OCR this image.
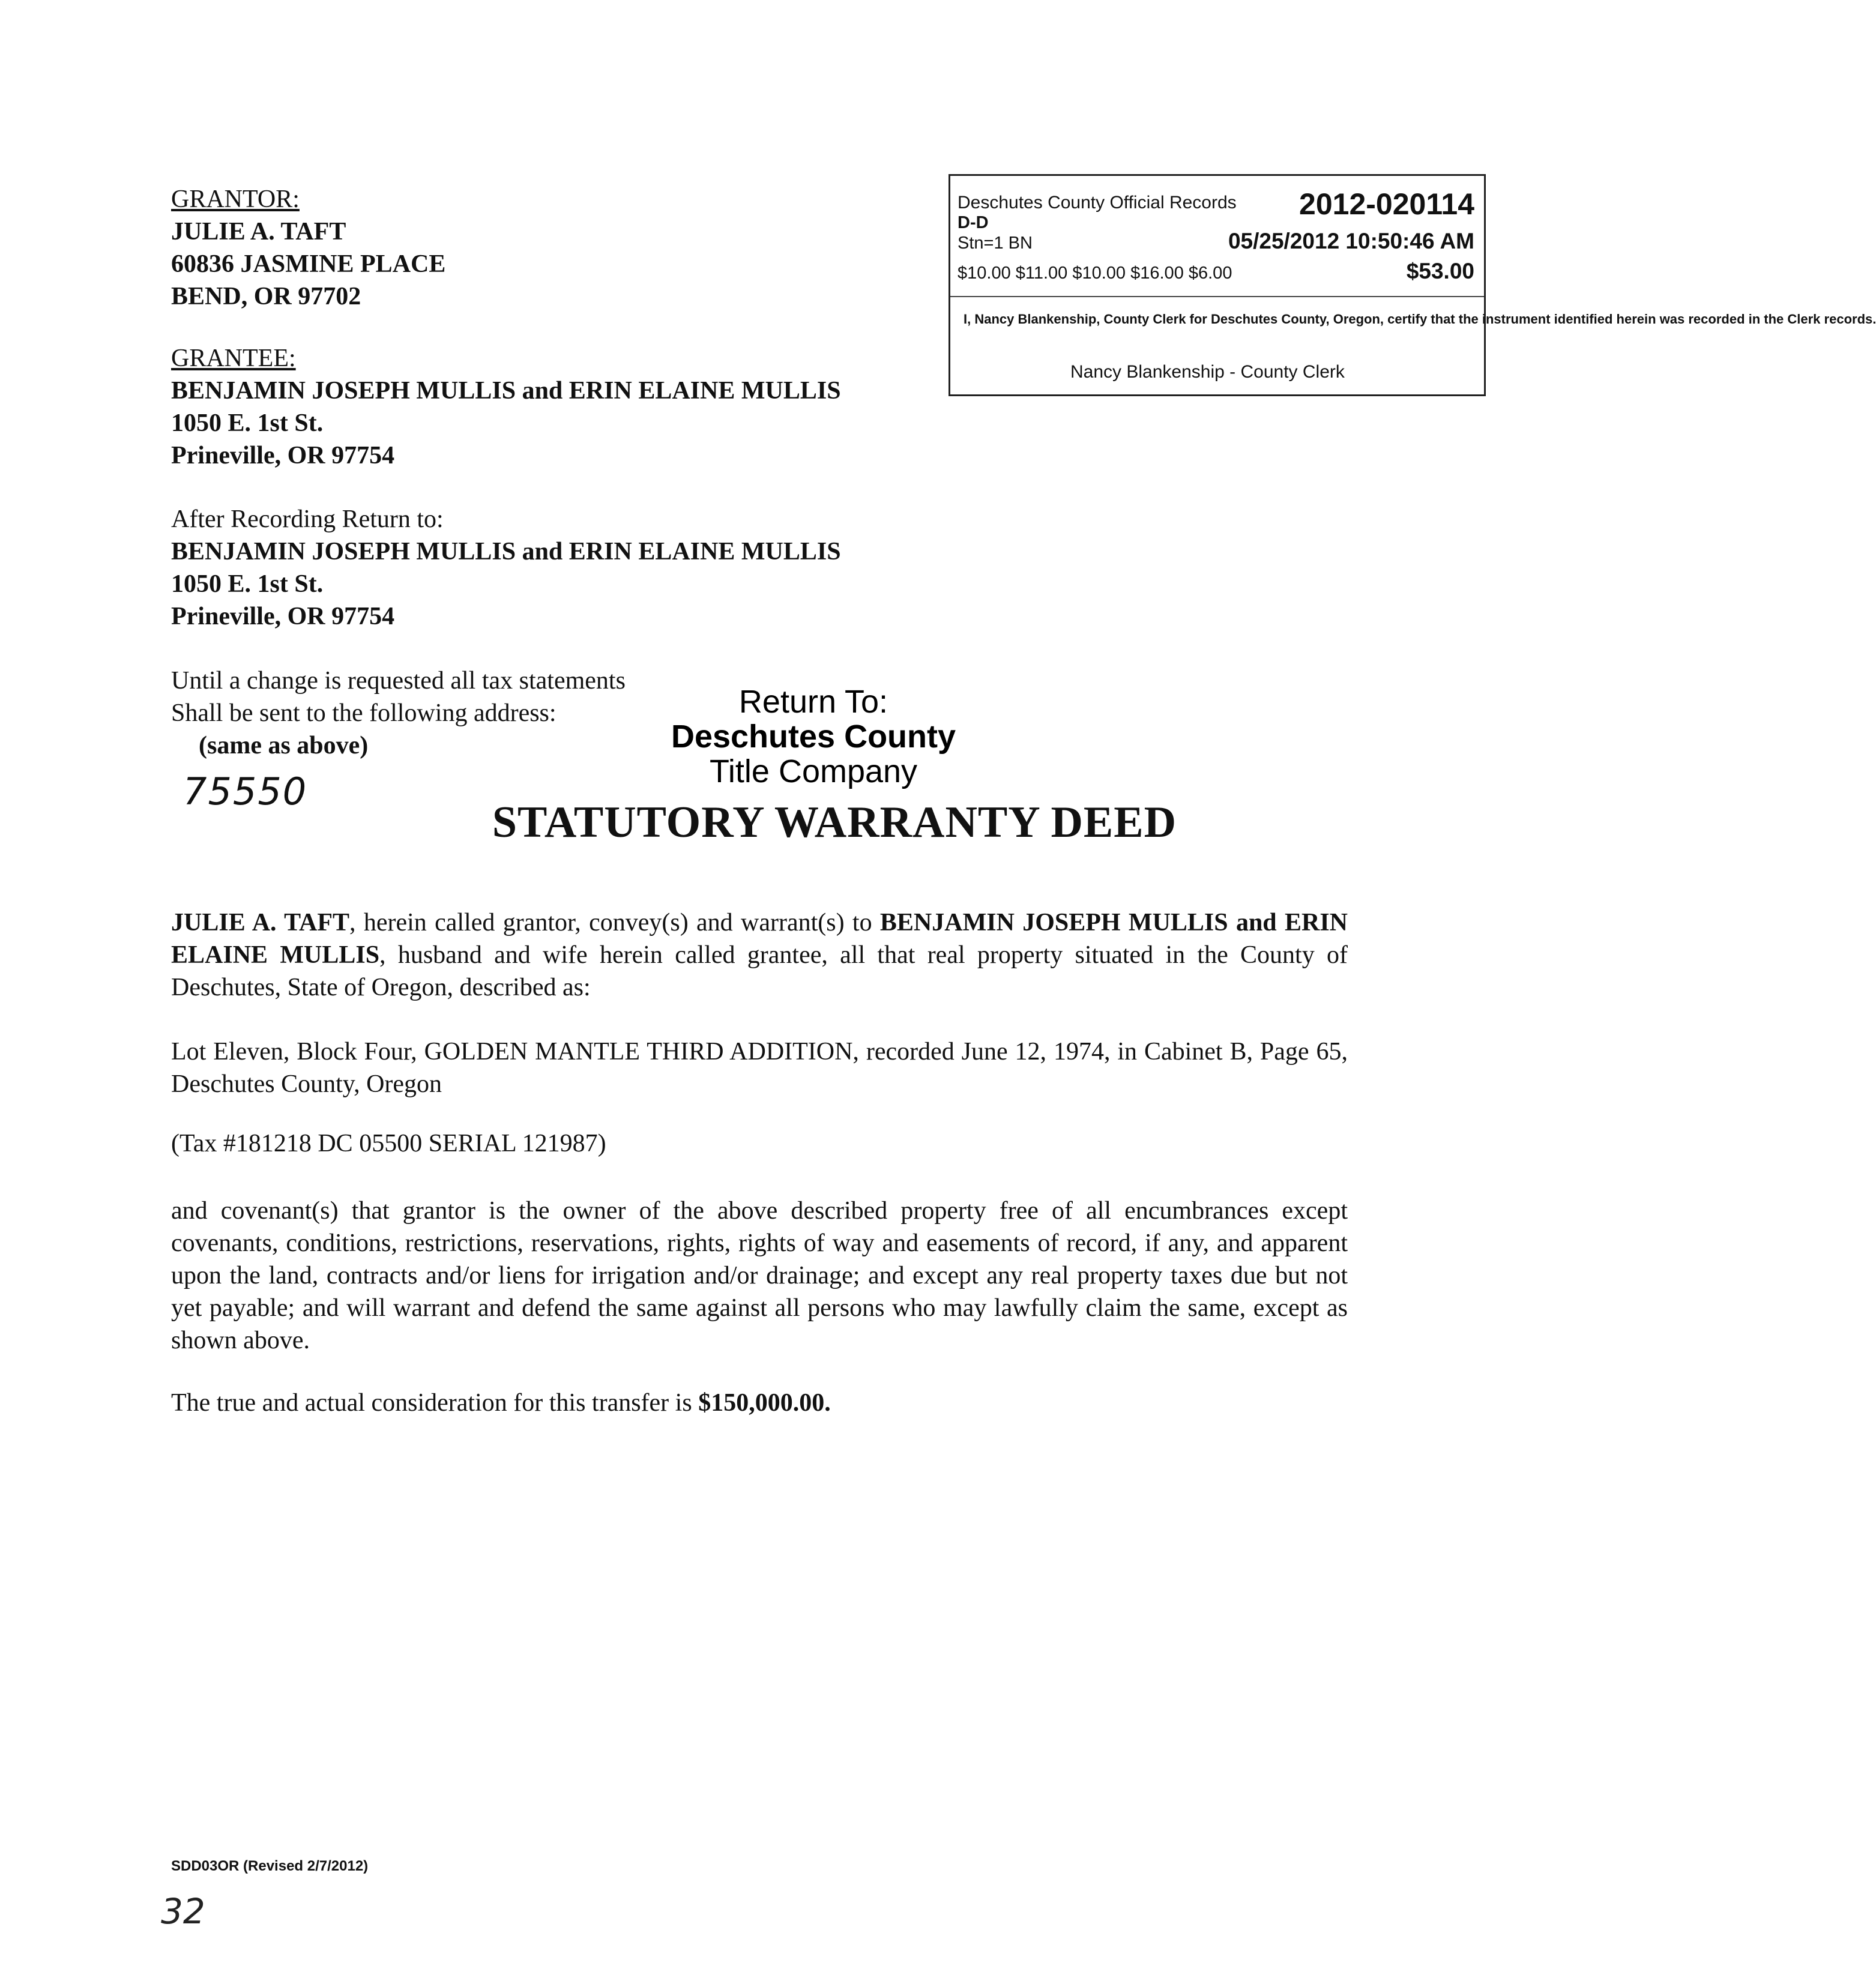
GRANTOR:
JULIE A. TAFT
60836 JASMINE PLACE
BEND, OR 97702
GRANTEE:
BENJAMIN JOSEPH MULLIS and ERIN ELAINE MULLIS
1050 E. 1st St.
Prineville, OR 97754
After Recording Return to:
BENJAMIN JOSEPH MULLIS and ERIN ELAINE MULLIS
1050 E. 1st St.
Prineville, OR 97754
Until a change is requested all tax statements
Shall be sent to the following address:
(same as above)
Deschutes County Official Records 2012-020114
D-D
Stn=1 BN	05/25/2012 10:50:46 AM
$10.00 $11.00 $10.00 $16.00 $6.00	$53.00
I, Nancy Blankenship, County Clerk for Deschutes County, Oregon, certify that the instrument identified herein was recorded in the Clerk records.
Nancy Blankenship - County Clerk
Return To:
Deschutes County
Title Company
75550
STATUTORY WARRANTY DEED
JULIE A. TAFT, herein called grantor, convey(s) and warrant(s) to BENJAMIN JOSEPH MULLIS and ERIN ELAINE MULLIS, husband and wife herein called grantee, all that real property situated in the County of Deschutes, State of Oregon, described as:
Lot Eleven, Block Four, GOLDEN MANTLE THIRD ADDITION, recorded June 12, 1974, in Cabinet B, Page 65, Deschutes County, Oregon
(Tax #181218 DC 05500 SERIAL 121987)
and covenant(s) that grantor is the owner of the above described property free of all encumbrances except covenants, conditions, restrictions, reservations, rights, rights of way and easements of record, if any, and apparent upon the land, contracts and/or liens for irrigation and/or drainage; and except any real property taxes due but not yet payable; and will warrant and defend the same against all persons who may lawfully claim the same, except as shown above.
The true and actual consideration for this transfer is $150,000.00.
SDD03OR (Revised 2/7/2012)
32
